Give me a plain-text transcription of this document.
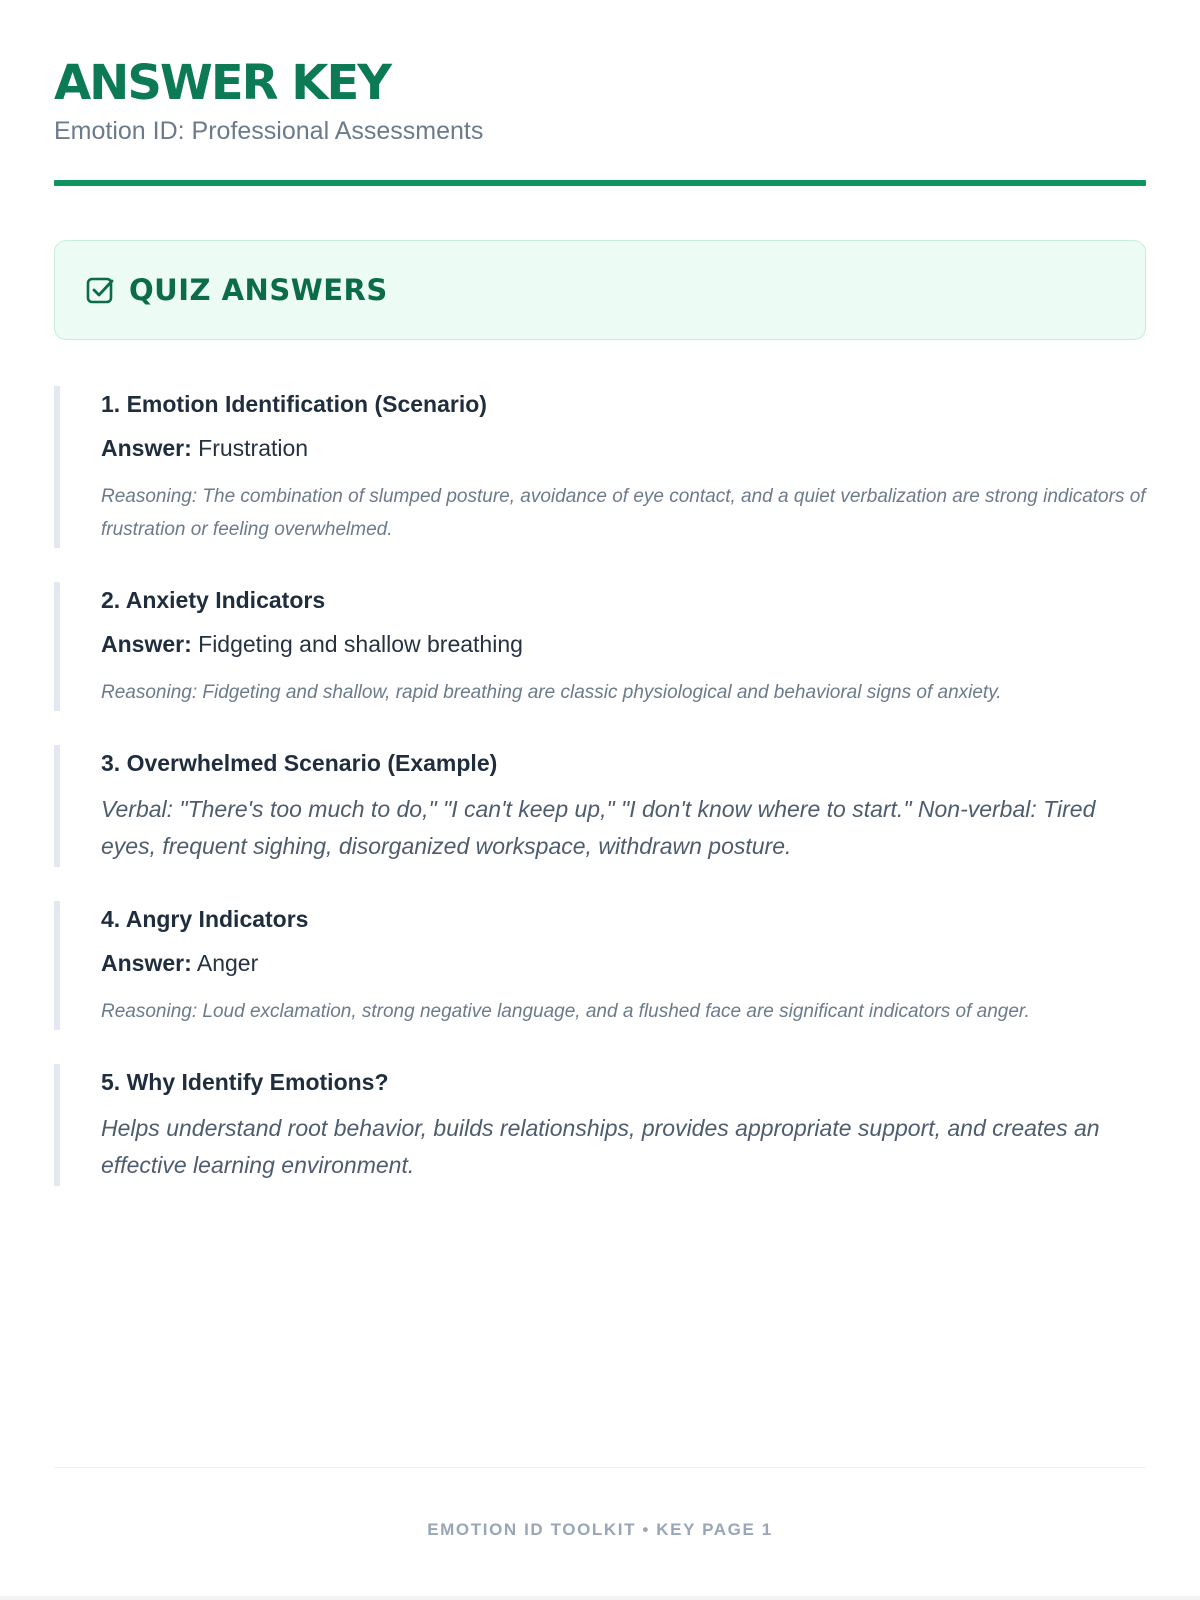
ANSWER KEY
Emotion ID: Professional Assessments
QUIZ ANSWERS
1. Emotion Identification (Scenario)
Answer: Frustration
Reasoning: The combination of slumped posture, avoidance of eye contact, and a quiet verbalization are strong indicators of frustration or feeling overwhelmed.
2. Anxiety Indicators
Answer: Fidgeting and shallow breathing
Reasoning: Fidgeting and shallow, rapid breathing are classic physiological and behavioral signs of anxiety.
3. Overwhelmed Scenario (Example)
Verbal: "There's too much to do," "I can't keep up," "I don't know where to start." Non-verbal: Tired eyes, frequent sighing, disorganized workspace, withdrawn posture.
4. Angry Indicators
Answer: Anger
Reasoning: Loud exclamation, strong negative language, and a flushed face are significant indicators of anger.
5. Why Identify Emotions?
Helps understand root behavior, builds relationships, provides appropriate support, and creates an effective learning environment.
EMOTION ID TOOLKIT • KEY PAGE 1
